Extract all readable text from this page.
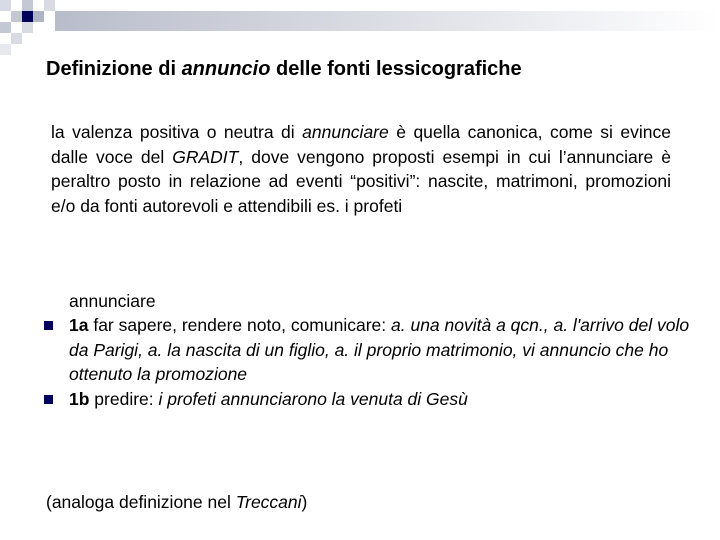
Definizione di annuncio delle fonti lessicografiche
la valenza positiva o neutra di annunciare è quella canonica, come si evince dalle voce del GRADIT, dove vengono proposti esempi in cui l’annunciare è peraltro posto in relazione ad eventi “positivi”: nascite, matrimoni, promozioni e/o da fonti autorevoli e attendibili es. i profeti
annunciare
1a far sapere, rendere noto, comunicare: a. una novità a qcn., a. l'arrivo del volo da Parigi, a. la nascita di un figlio, a. il proprio matrimonio, vi annuncio che ho ottenuto la promozione
1b predire: i profeti annunciarono la venuta di Gesù
(analoga definizione nel Treccani)
